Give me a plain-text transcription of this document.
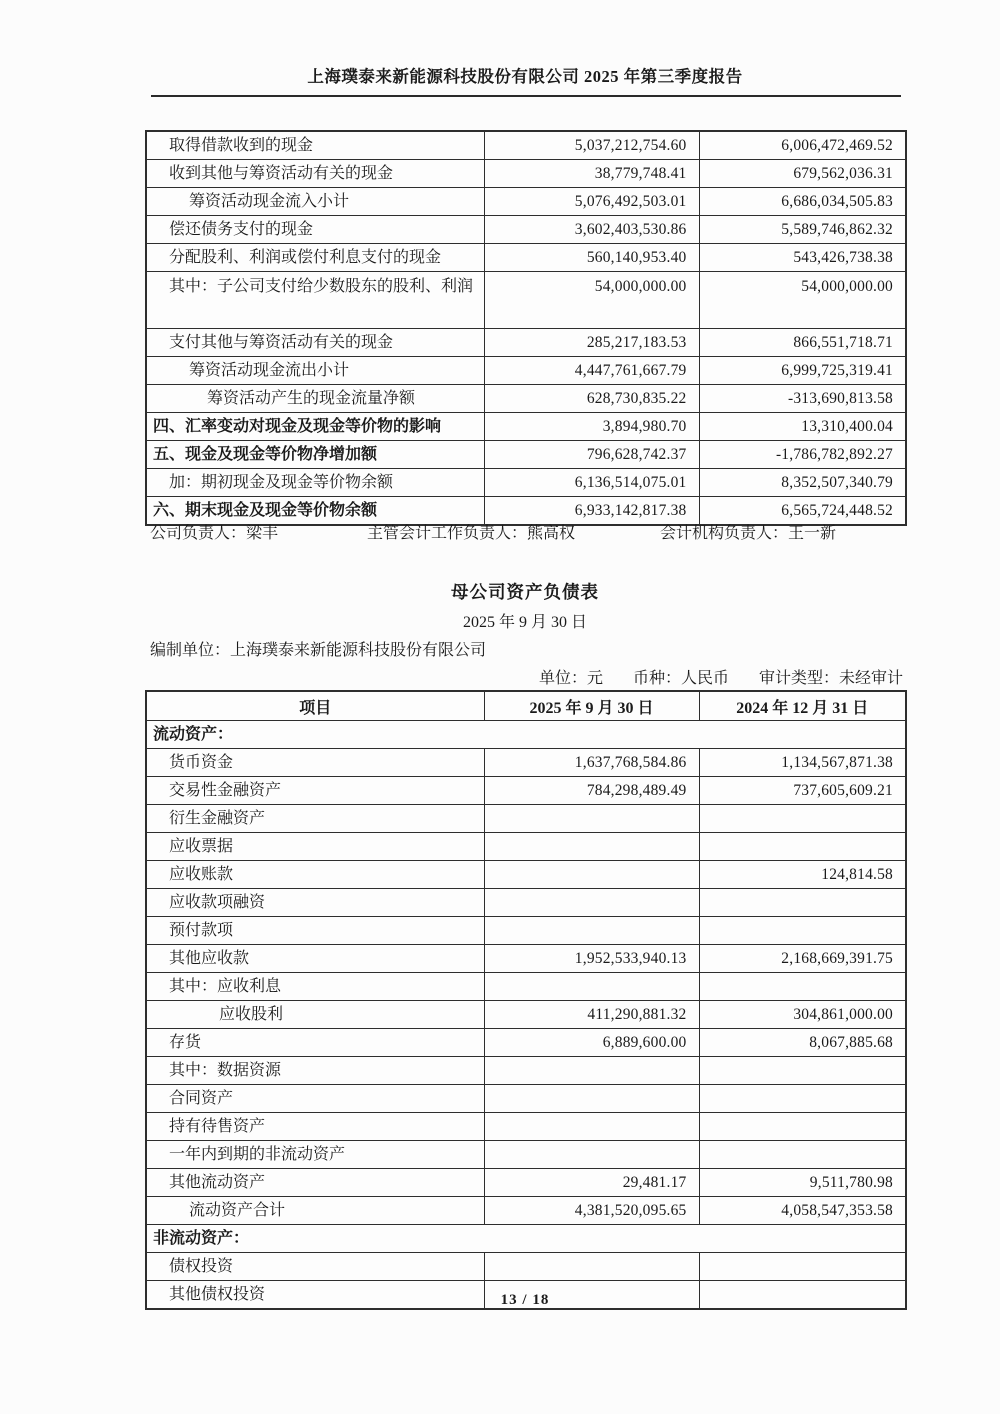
上海璞泰来新能源科技股份有限公司 2025 年第三季度报告
取得借款收到的现金	5,037,212,754.60	6,006,472,469.52
收到其他与筹资活动有关的现金	38,779,748.41	679,562,036.31
筹资活动现金流入小计	5,076,492,503.01	6,686,034,505.83
偿还债务支付的现金	3,602,403,530.86	5,589,746,862.32
分配股利、利润或偿付利息支付的现金	560,140,953.40	543,426,738.38
其中：子公司支付给少数股东的股利、利润	54,000,000.00	54,000,000.00
支付其他与筹资活动有关的现金	285,217,183.53	866,551,718.71
筹资活动现金流出小计	4,447,761,667.79	6,999,725,319.41
筹资活动产生的现金流量净额	628,730,835.22	-313,690,813.58
四、汇率变动对现金及现金等价物的影响	3,894,980.70	13,310,400.04
五、现金及现金等价物净增加额	796,628,742.37	-1,786,782,892.27
加：期初现金及现金等价物余额	6,136,514,075.01	8,352,507,340.79
六、期末现金及现金等价物余额	6,933,142,817.38	6,565,724,448.52
公司负责人：梁丰	主管会计工作负责人：熊高权	会计机构负责人：王一新
母公司资产负债表
2025 年 9 月 30 日
编制单位：上海璞泰来新能源科技股份有限公司
单位：元 币种：人民币 审计类型：未经审计
项目	2025 年 9 月 30 日	2024 年 12 月 31 日
流动资产：		
货币资金	1,637,768,584.86	1,134,567,871.38
交易性金融资产	784,298,489.49	737,605,609.21
衍生金融资产		
应收票据		
应收账款		124,814.58
应收款项融资		
预付款项		
其他应收款	1,952,533,940.13	2,168,669,391.75
其中：应收利息		
应收股利	411,290,881.32	304,861,000.00
存货	6,889,600.00	8,067,885.68
其中：数据资源		
合同资产		
持有待售资产		
一年内到期的非流动资产		
其他流动资产	29,481.17	9,511,780.98
流动资产合计	4,381,520,095.65	4,058,547,353.58
非流动资产：		
债权投资		
其他债权投资			13 / 18
